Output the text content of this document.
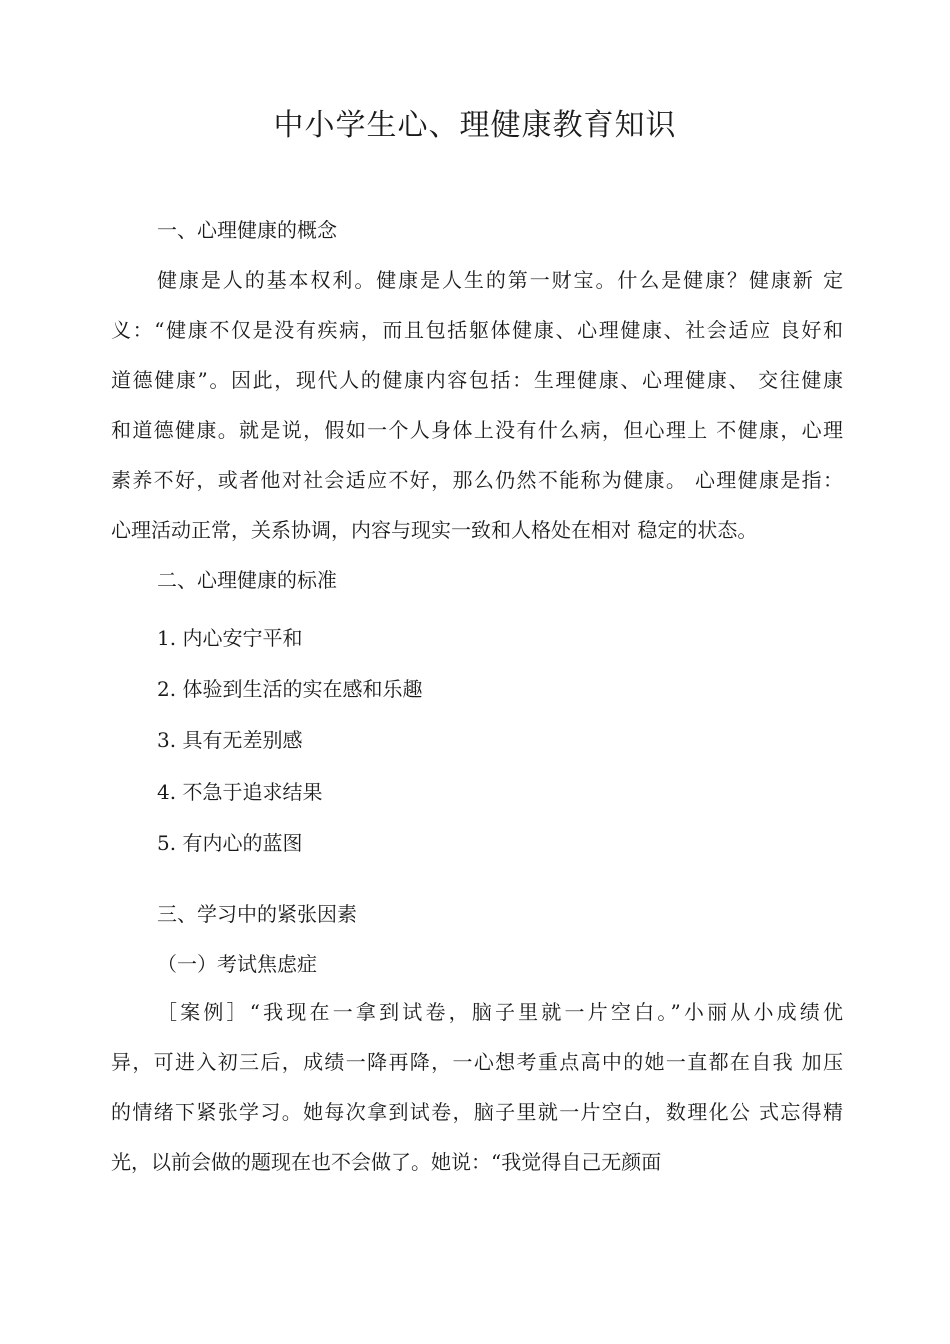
中小学生心、理健康教育知识

一、心理健康的概念

健康是人的基本权利。健康是人生的第一财宝。什么是健康？健康新 定

义：“健康不仅是没有疾病，而且包括躯体健康、心理健康、社会适应 良好和

道德健康”。因此，现代人的健康内容包括：生理健康、心理健康、 交往健康

和道德健康。就是说，假如一个人身体上没有什么病，但心理上 不健康，心理

素养不好，或者他对社会适应不好，那么仍然不能称为健康。 心理健康是指：

心理活动正常，关系协调，内容与现实一致和人格处在相对 稳定的状态。

二、心理健康的标准

1. 内心安宁平和

2. 体验到生活的实在感和乐趣

3. 具有无差别感

4. 不急于追求结果

5. 有内心的蓝图

三、学习中的紧张因素

（一）考试焦虑症

［案例］“我现在一拿到试卷，脑子里就一片空白。”小丽从小成绩优

异，可进入初三后，成绩一降再降，一心想考重点高中的她一直都在自我 加压

的情绪下紧张学习。她每次拿到试卷，脑子里就一片空白，数理化公 式忘得精

光，以前会做的题现在也不会做了。她说：“我觉得自己无颜面
